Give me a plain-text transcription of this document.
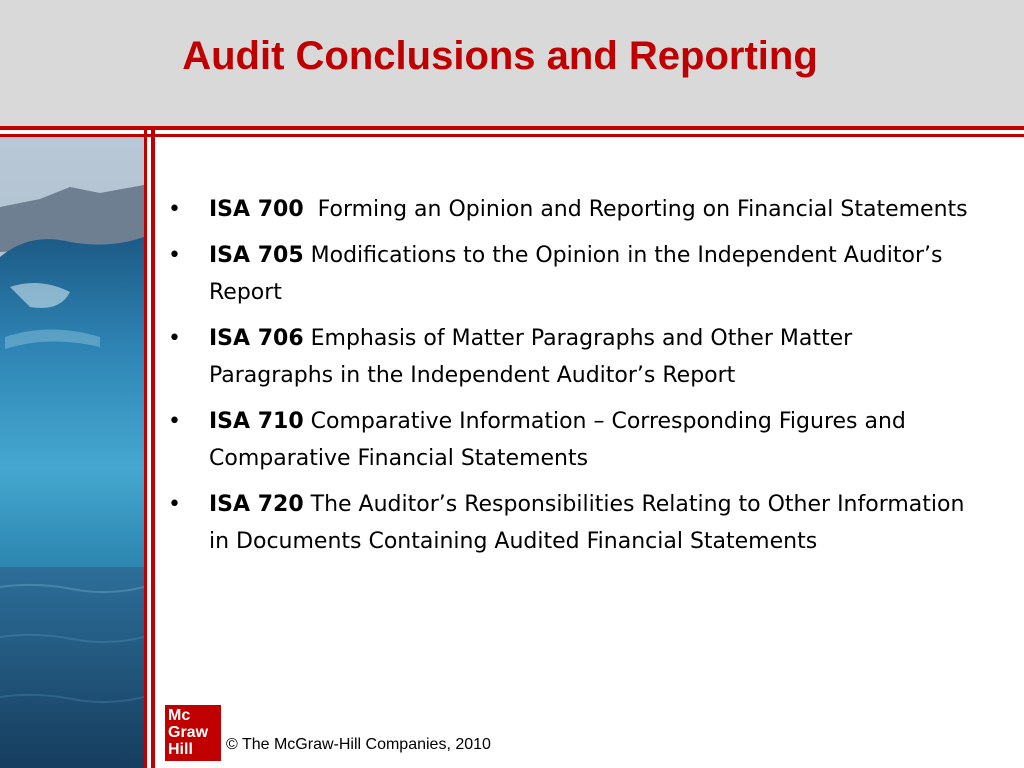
Audit Conclusions and Reporting
• ISA 700  Forming an Opinion and Reporting on Financial Statements
• ISA 705 Modifications to the Opinion in the Independent Auditor’s Report
• ISA 706 Emphasis of Matter Paragraphs and Other Matter Paragraphs in the Independent Auditor’s Report
• ISA 710 Comparative Information – Corresponding Figures and Comparative Financial Statements
• ISA 720 The Auditor’s Responsibilities Relating to Other Information in Documents Containing Audited Financial Statements
Mc
Graw
Hill	© The McGraw-Hill Companies, 2010
